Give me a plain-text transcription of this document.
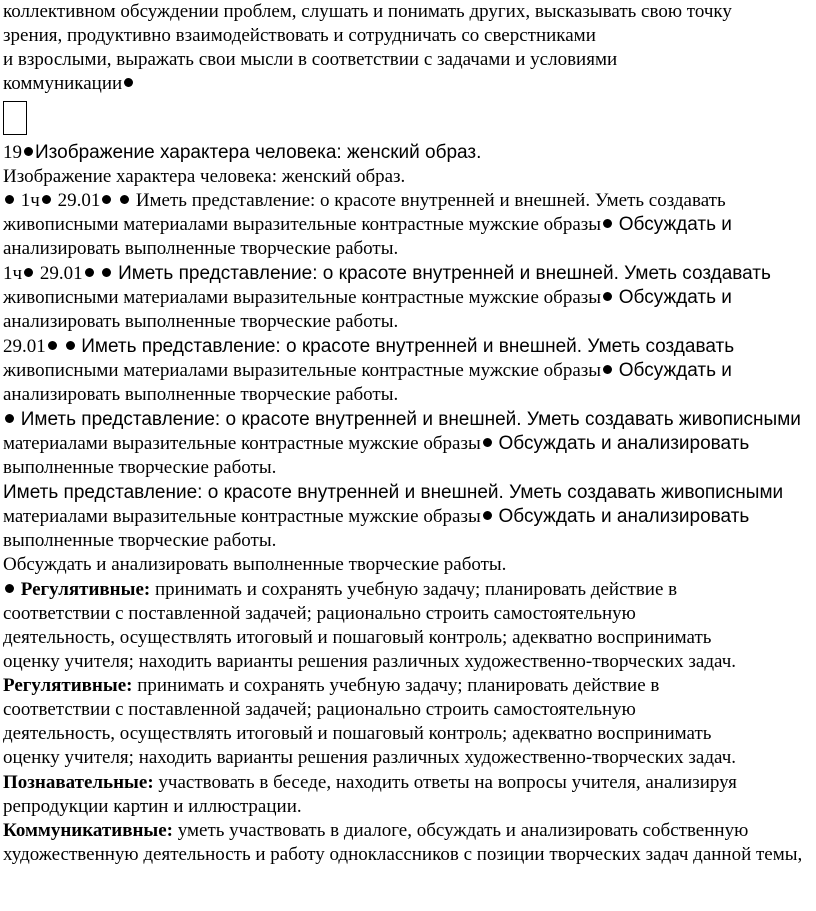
коллективном обсуждении проблем, слушать и понимать других, высказывать свою точку
зрения, продуктивно взаимодействовать и сотрудничать со сверстниками
и взрослыми, выражать свои мысли в соответствии с задачами и условиями
коммуникации
19 Изображение характера человека: женский образ.
Изображение характера человека: женский образ.
1ч 29.01 Иметь представление: о красоте внутренней и внешней. Уметь создавать
живописными материалами выразительные контрастные мужские образы Обсуждать и
анализировать выполненные творческие работы.
1ч 29.01 Иметь представление: о красоте внутренней и внешней. Уметь создавать
живописными материалами выразительные контрастные мужские образы Обсуждать и
анализировать выполненные творческие работы.
29.01 Иметь представление: о красоте внутренней и внешней. Уметь создавать
живописными материалами выразительные контрастные мужские образы Обсуждать и
анализировать выполненные творческие работы.
Иметь представление: о красоте внутренней и внешней. Уметь создавать живописными
материалами выразительные контрастные мужские образы Обсуждать и анализировать
выполненные творческие работы.
Иметь представление: о красоте внутренней и внешней. Уметь создавать живописными
материалами выразительные контрастные мужские образы Обсуждать и анализировать
выполненные творческие работы.
Обсуждать и анализировать выполненные творческие работы.
Регулятивные: принимать и сохранять учебную задачу; планировать действие в
соответствии с поставленной задачей; рационально строить самостоятельную
деятельность, осуществлять итоговый и пошаговый контроль; адекватно воспринимать
оценку учителя; находить варианты решения различных художественно-творческих задач.
Регулятивные: принимать и сохранять учебную задачу; планировать действие в
соответствии с поставленной задачей; рационально строить самостоятельную
деятельность, осуществлять итоговый и пошаговый контроль; адекватно воспринимать
оценку учителя; находить варианты решения различных художественно-творческих задач.
Познавательные: участвовать в беседе, находить ответы на вопросы учителя, анализируя
репродукции картин и иллюстрации.
Коммуникативные: уметь участвовать в диалоге, обсуждать и анализировать собственную
художественную деятельность и работу одноклассников с позиции творческих задач данной темы,
